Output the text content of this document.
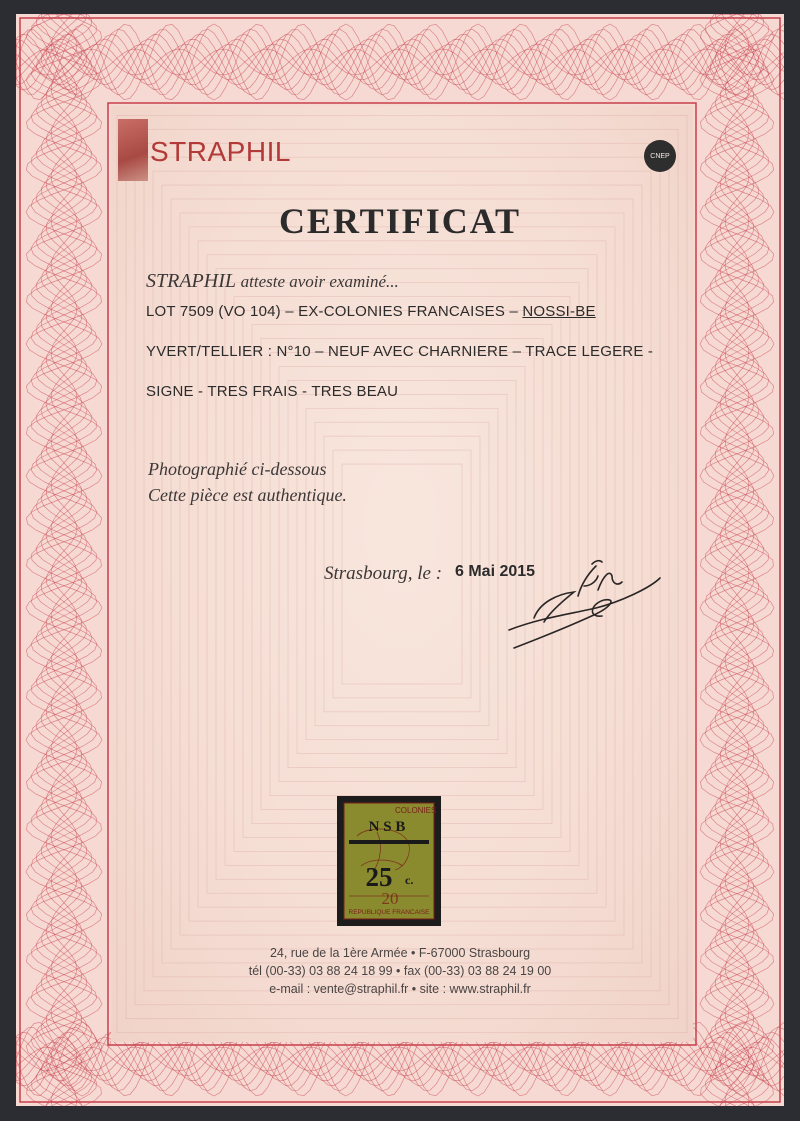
STRAPHIL	CNEP
CERTIFICAT
STRAPHIL atteste avoir examiné...
LOT 7509 (VO 104) – EX-COLONIES FRANCAISES – NOSSI-BE
YVERT/TELLIER : N°10 – NEUF AVEC CHARNIERE – TRACE LEGERE -
SIGNE - TRES FRAIS - TRES BEAU
Photographié ci-dessous
Cette pièce est authentique.
Strasbourg, le : 6 Mai 2015
COLONIES
N S B
20
25 c.
REPUBLIQUE FRANCAISE
24, rue de la 1ère Armée • F-67000 Strasbourg
tél (00-33) 03 88 24 18 99 • fax (00-33) 03 88 24 19 00
e-mail : vente@straphil.fr • site : www.straphil.fr
